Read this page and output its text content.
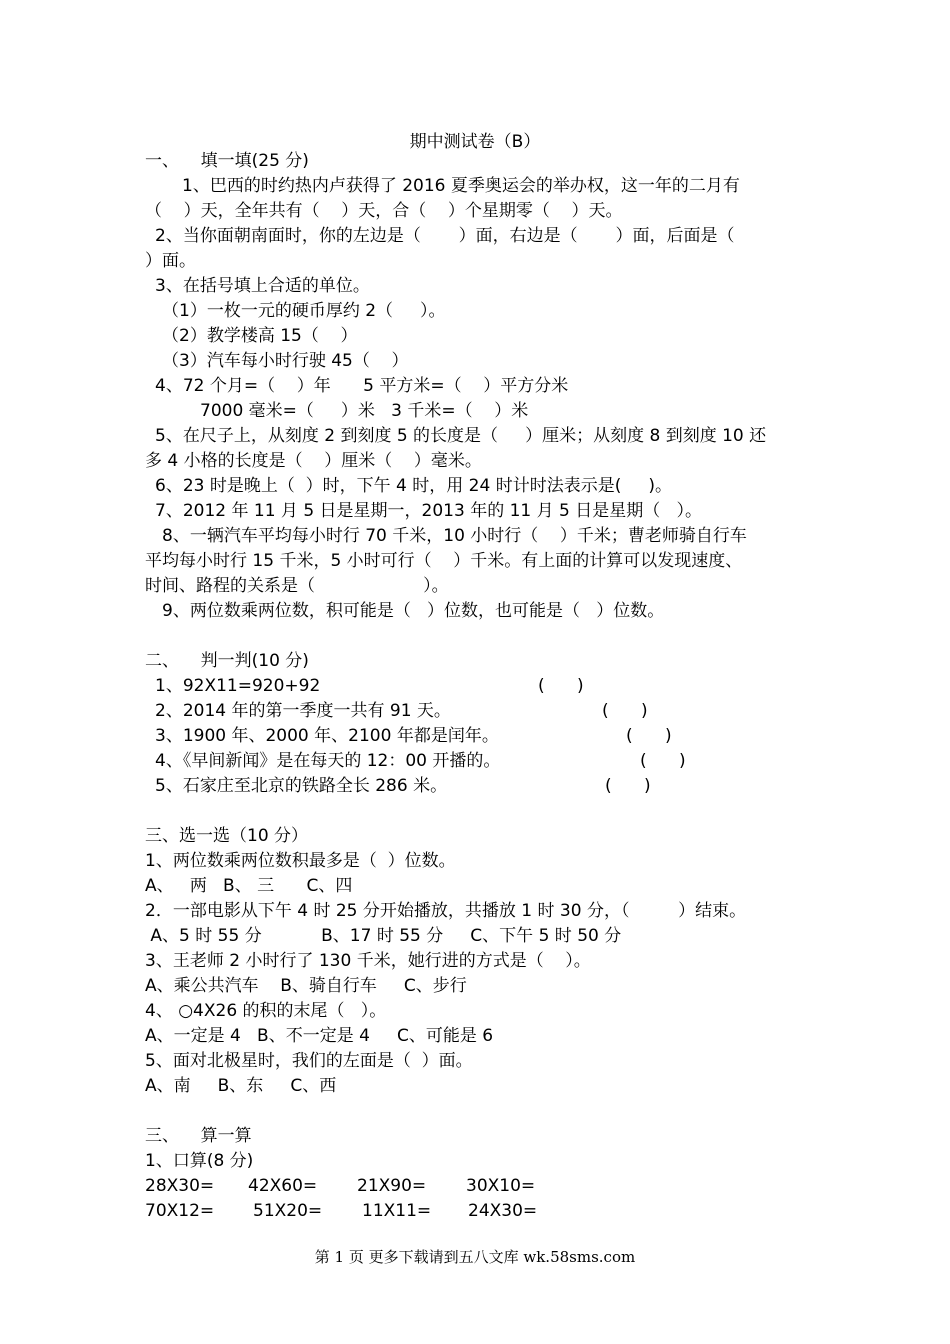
期中测试卷（B）
一、    填一填(25 分)
1、巴西的时约热内卢获得了 2016 夏季奥运会的举办权，这一年的二月有
（    ）天，全年共有（    ）天，合（    ）个星期零（    ）天。
2、当你面朝南面时，你的左边是（       ）面，右边是（       ）面，后面是（
）面。
3、在括号填上合适的单位。
（1）一枚一元的硬币厚约 2（     ）。
（2）教学楼高 15（    ）
（3）汽车每小时行驶 45（    ）
4、72 个月=（    ）年      5 平方米=（    ）平方分米
7000 毫米=（     ）米   3 千米=（    ）米
5、在尺子上，从刻度 2 到刻度 5 的长度是（     ）厘米；从刻度 8 到刻度 10 还
多 4 小格的长度是（    ）厘米（    ）毫米。
6、23 时是晚上（  ）时，下午 4 时，用 24 时计时法表示是(     )。
7、2012 年 11 月 5 日是星期一，2013 年的 11 月 5 日是星期（   ）。
8、一辆汽车平均每小时行 70 千米，10 小时行（    ）千米；曹老师骑自行车
平均每小时行 15 千米，5 小时可行（    ）千米。有上面的计算可以发现速度、
时间、路程的关系是（                    ）。
9、两位数乘两位数，积可能是（   ）位数，也可能是（   ）位数。
二、    判一判(10 分)
1、92X11=920+92	(      )
2、2014 年的第一季度一共有 91 天。	(      )
3、1900 年、2000 年、2100 年都是闰年。	(      )
4、《早间新闻》是在每天的 12：00 开播的。	(      )
5、石家庄至北京的铁路全长 286 米。	(      )
三、选一选（10 分）
1、两位数乘两位数积最多是（  ）位数。
A、   两   B、 三      C、四
2．一部电影从下午 4 时 25 分开始播放，共播放 1 时 30 分，（         ）结束。
A、5 时 55 分           B、17 时 55 分     C、下午 5 时 50 分
3、王老师 2 小时行了 130 千米，她行进的方式是（    ）。
A、乘公共汽车    B、骑自行车     C、步行
4、 ○4X26 的积的末尾（   ）。
A、一定是 4   B、不一定是 4     C、可能是 6
5、面对北极星时，我们的左面是（  ）面。
A、南     B、东     C、西
三、    算一算
1、口算(8 分)
28X30= 42X60= 21X90= 30X10=
70X12= 51X20= 11X11= 24X30=
第 1 页 更多下载请到五八文库 wk.58sms.com
